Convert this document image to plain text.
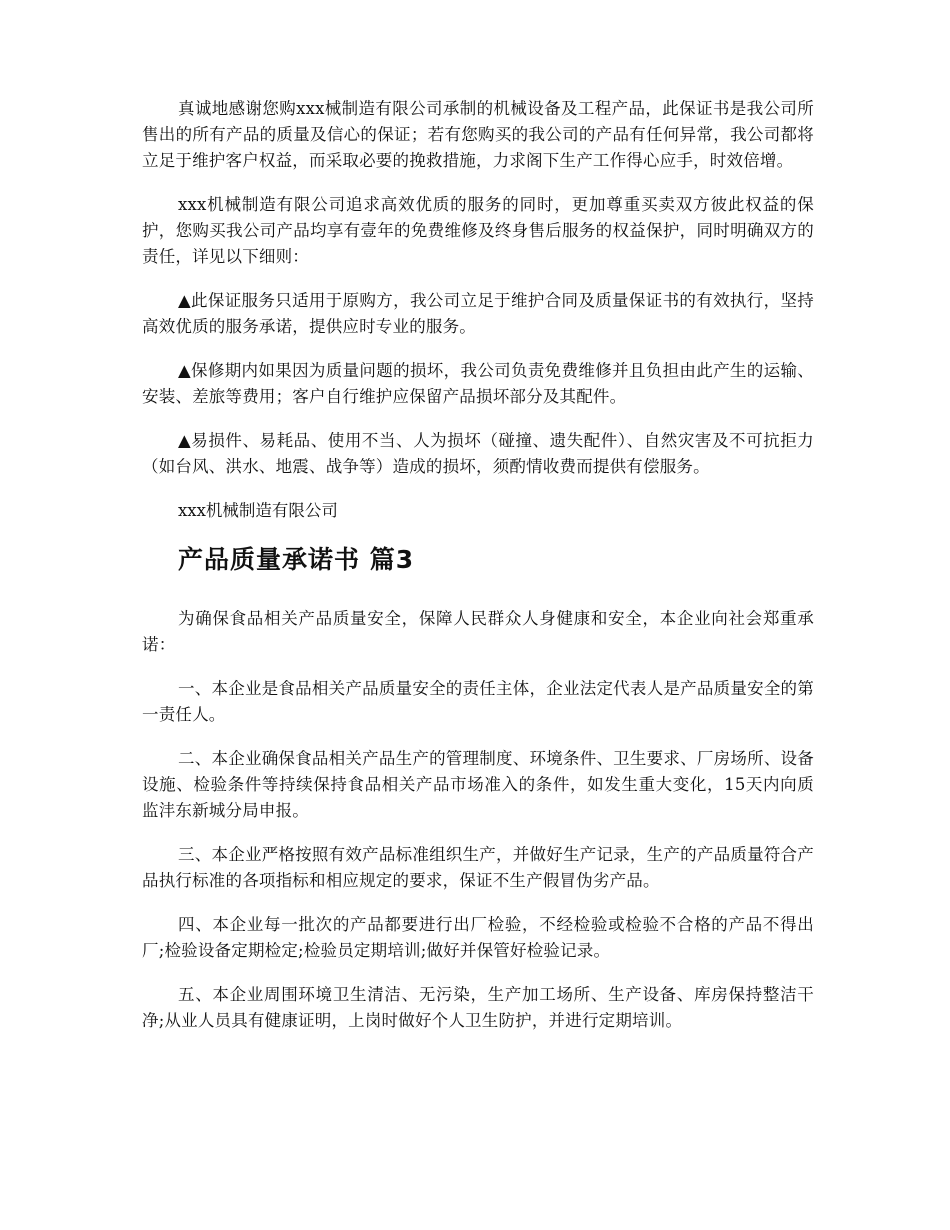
真诚地感谢您购xxx械制造有限公司承制的机械设备及工程产品，此保证书是我公司所售出的所有产品的质量及信心的保证；若有您购买的我公司的产品有任何异常，我公司都将立足于维护客户权益，而采取必要的挽救措施，力求阁下生产工作得心应手，时效倍增。

xxx机械制造有限公司追求高效优质的服务的同时，更加尊重买卖双方彼此权益的保护，您购买我公司产品均享有壹年的免费维修及终身售后服务的权益保护，同时明确双方的责任，详见以下细则：

▲此保证服务只适用于原购方，我公司立足于维护合同及质量保证书的有效执行，坚持高效优质的服务承诺，提供应时专业的服务。

▲保修期内如果因为质量问题的损坏，我公司负责免费维修并且负担由此产生的运输、安装、差旅等费用；客户自行维护应保留产品损坏部分及其配件。

▲易损件、易耗品、使用不当、人为损坏（碰撞、遗失配件）、自然灾害及不可抗拒力（如台风、洪水、地震、战争等）造成的损坏，须酌情收费而提供有偿服务。

xxx机械制造有限公司

产品质量承诺书 篇3

为确保食品相关产品质量安全，保障人民群众人身健康和安全，本企业向社会郑重承诺：

一、本企业是食品相关产品质量安全的责任主体，企业法定代表人是产品质量安全的第一责任人。

二、本企业确保食品相关产品生产的管理制度、环境条件、卫生要求、厂房场所、设备设施、检验条件等持续保持食品相关产品市场准入的条件，如发生重大变化，15天内向质监沣东新城分局申报。

三、本企业严格按照有效产品标准组织生产，并做好生产记录，生产的产品质量符合产品执行标准的各项指标和相应规定的要求，保证不生产假冒伪劣产品。

四、本企业每一批次的产品都要进行出厂检验，不经检验或检验不合格的产品不得出厂;检验设备定期检定;检验员定期培训;做好并保管好检验记录。

五、本企业周围环境卫生清洁、无污染，生产加工场所、生产设备、库房保持整洁干净;从业人员具有健康证明，上岗时做好个人卫生防护，并进行定期培训。
